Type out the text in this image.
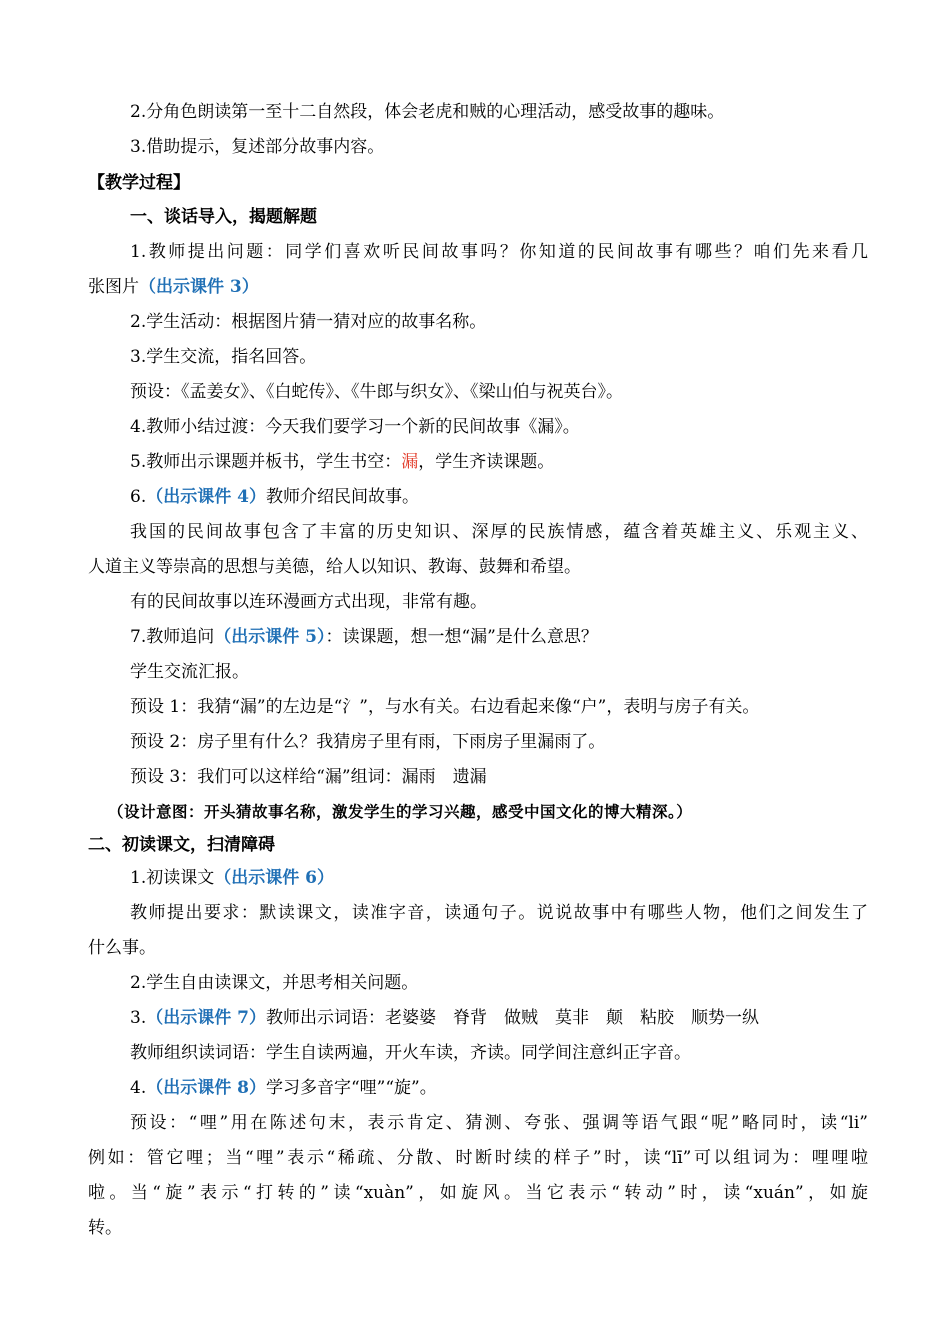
2.分角色朗读第一至十二自然段，体会老虎和贼的心理活动，感受故事的趣味。
3.借助提示，复述部分故事内容。
【教学过程】
一、谈话导入，揭题解题
1.教师提出问题：同学们喜欢听民间故事吗？你知道的民间故事有哪些？咱们先来看几
张图片（出示课件 3）
2.学生活动：根据图片猜一猜对应的故事名称。
3.学生交流，指名回答。
预设：《孟姜女》、《白蛇传》、《牛郎与织女》、《梁山伯与祝英台》。
4.教师小结过渡：今天我们要学习一个新的民间故事《漏》。
5.教师出示课题并板书，学生书空：漏，学生齐读课题。
6.（出示课件 4）教师介绍民间故事。
我国的民间故事包含了丰富的历史知识、深厚的民族情感，蕴含着英雄主义、乐观主义、
人道主义等崇高的思想与美德，给人以知识、教诲、鼓舞和希望。
有的民间故事以连环漫画方式出现，非常有趣。
7.教师追问（出示课件 5）：读课题，想一想“漏”是什么意思？
学生交流汇报。
预设 1：我猜“漏”的左边是“氵”，与水有关。右边看起来像“户”，表明与房子有关。
预设 2：房子里有什么？我猜房子里有雨，下雨房子里漏雨了。
预设 3：我们可以这样给“漏”组词：漏雨　遗漏
（设计意图：开头猜故事名称，激发学生的学习兴趣，感受中国文化的博大精深。）
二、初读课文，扫清障碍
1.初读课文（出示课件 6）
教师提出要求：默读课文，读准字音，读通句子。说说故事中有哪些人物，他们之间发生了
什么事。
2.学生自由读课文，并思考相关问题。
3.（出示课件 7）教师出示词语：老婆婆　脊背　做贼　莫非　颠　粘胶　顺势一纵
教师组织读词语：学生自读两遍，开火车读，齐读。同学间注意纠正字音。
4.（出示课件 8）学习多音字“哩”“旋”。
预设：“哩”用在陈述句末，表示肯定、猜测、夸张、强调等语气跟“呢”略同时，读“li”
例如：管它哩；当“哩”表示“稀疏、分散、时断时续的样子”时，读“lī”可以组词为：哩哩啦
啦。当“旋”表示“打转的”读“xuàn”，如旋风。当它表示“转动”时，读“xuán”，如旋
转。
